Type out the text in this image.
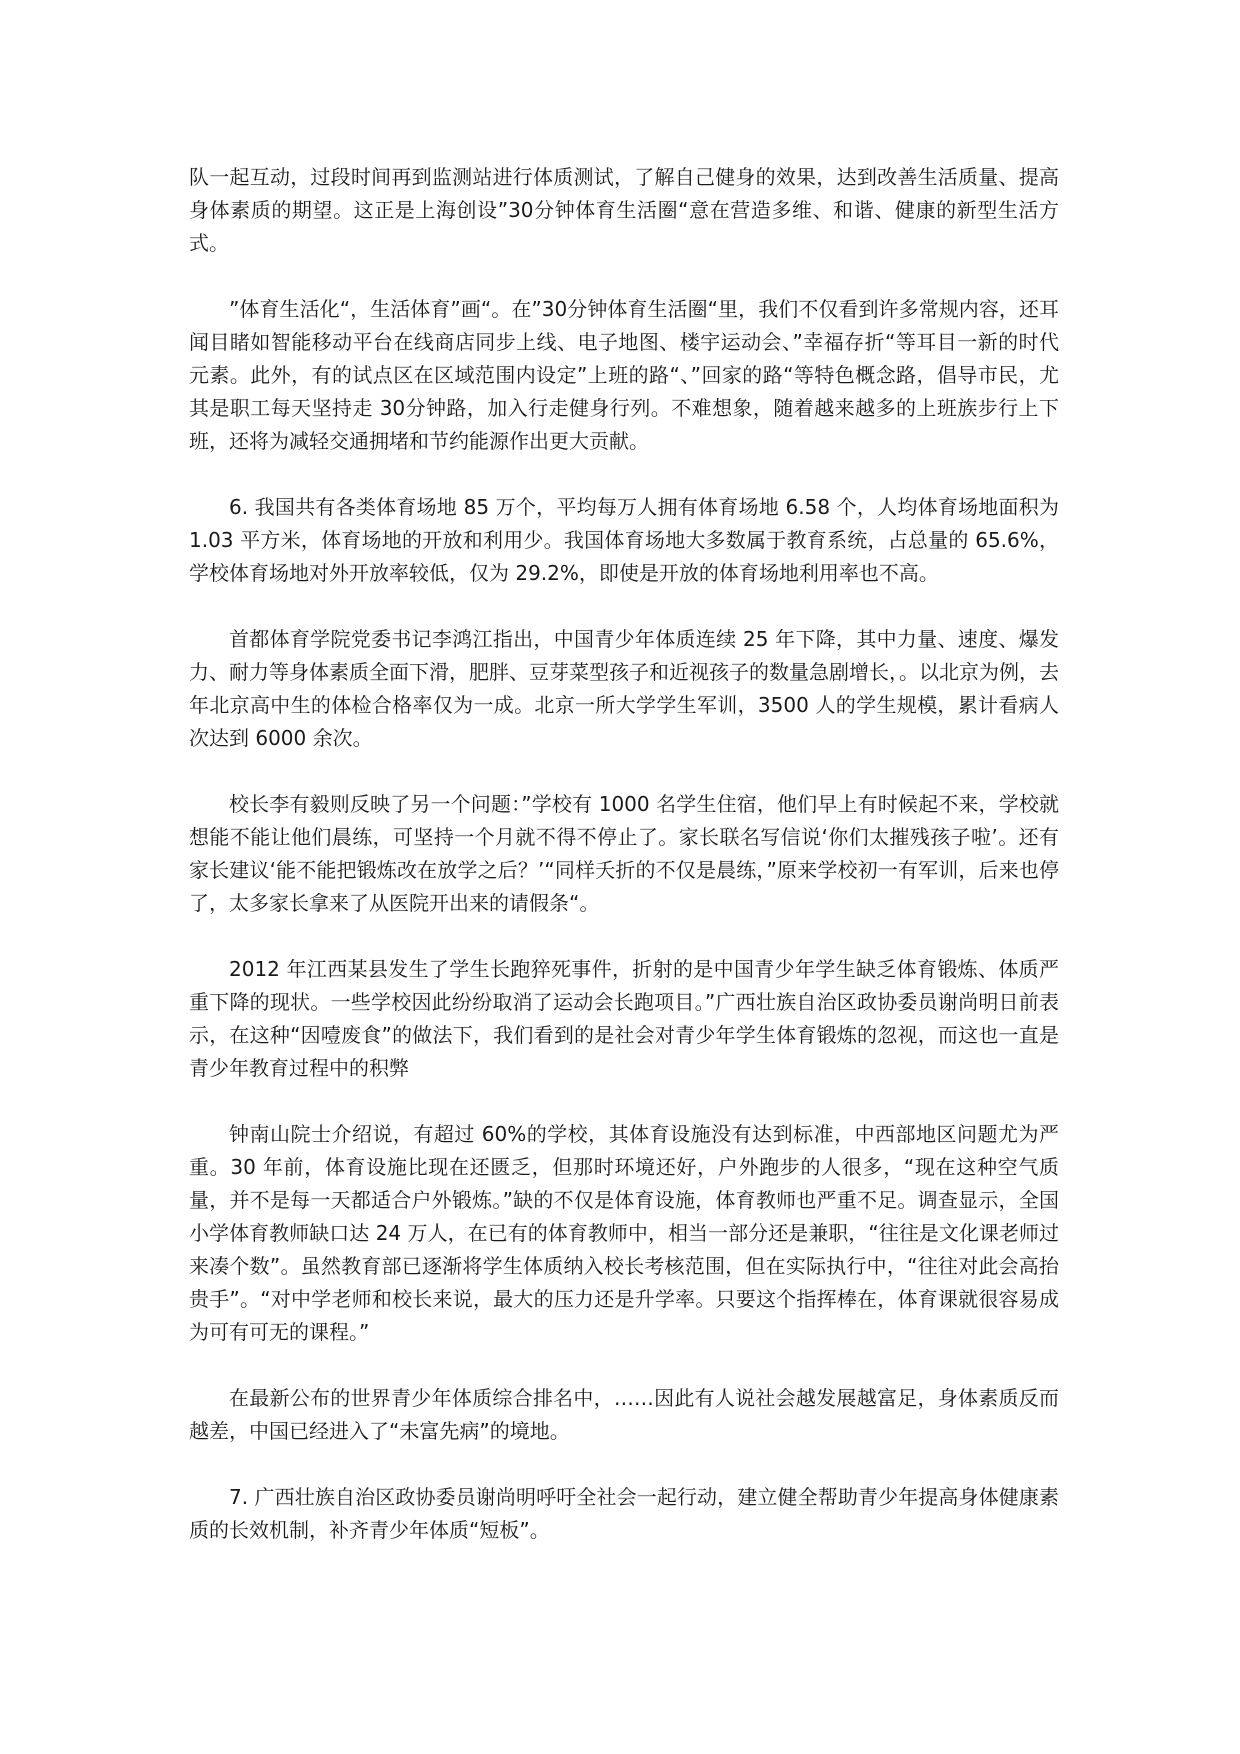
队一起互动，过段时间再到监测站进行体质测试，了解自己健身的效果，达到改善生活质量、提高身体素质的期望。这正是上海创设”30分钟体育生活圈“意在营造多维、和谐、健康的新型生活方式。

”体育生活化“，生活体育”画“。在”30分钟体育生活圈“里，我们不仅看到许多常规内容，还耳闻目睹如智能移动平台在线商店同步上线、电子地图、楼宇运动会、”幸福存折“等耳目一新的时代元素。此外，有的试点区在区域范围内设定”上班的路“、”回家的路“等特色概念路，倡导市民，尤其是职工每天坚持走 30分钟路，加入行走健身行列。不难想象，随着越来越多的上班族步行上下班，还将为减轻交通拥堵和节约能源作出更大贡献。

6. 我国共有各类体育场地 85 万个，平均每万人拥有体育场地 6.58 个，人均体育场地面积为 1.03 平方米，体育场地的开放和利用少。我国体育场地大多数属于教育系统，占总量的 65.6%，学校体育场地对外开放率较低，仅为 29.2%，即使是开放的体育场地利用率也不高。

首都体育学院党委书记李鸿江指出，中国青少年体质连续 25 年下降，其中力量、速度、爆发力、耐力等身体素质全面下滑，肥胖、豆芽菜型孩子和近视孩子的数量急剧增长，。以北京为例，去年北京高中生的体检合格率仅为一成。北京一所大学学生军训，3500 人的学生规模，累计看病人次达到 6000 余次。

校长李有毅则反映了另一个问题：”学校有 1000 名学生住宿，他们早上有时候起不来，学校就想能不能让他们晨练，可坚持一个月就不得不停止了。家长联名写信说‘你们太摧残孩子啦’。还有家长建议‘能不能把锻炼改在放学之后？’“同样夭折的不仅是晨练，”原来学校初一有军训，后来也停了，太多家长拿来了从医院开出来的请假条“。

2012 年江西某县发生了学生长跑猝死事件，折射的是中国青少年学生缺乏体育锻炼、体质严重下降的现状。一些学校因此纷纷取消了运动会长跑项目。”广西壮族自治区政协委员谢尚明日前表示，在这种“因噎废食”的做法下，我们看到的是社会对青少年学生体育锻炼的忽视，而这也一直是青少年教育过程中的积弊

钟南山院士介绍说，有超过 60%的学校，其体育设施没有达到标准，中西部地区问题尤为严重。30 年前，体育设施比现在还匮乏，但那时环境还好，户外跑步的人很多，“现在这种空气质量，并不是每一天都适合户外锻炼。”缺的不仅是体育设施，体育教师也严重不足。调查显示，全国小学体育教师缺口达 24 万人，在已有的体育教师中，相当一部分还是兼职，“往往是文化课老师过来凑个数”。虽然教育部已逐渐将学生体质纳入校长考核范围，但在实际执行中，“往往对此会高抬贵手”。“对中学老师和校长来说，最大的压力还是升学率。只要这个指挥棒在，体育课就很容易成为可有可无的课程。”

在最新公布的世界青少年体质综合排名中，……因此有人说社会越发展越富足，身体素质反而越差，中国已经进入了“未富先病”的境地。

7. 广西壮族自治区政协委员谢尚明呼吁全社会一起行动，建立健全帮助青少年提高身体健康素质的长效机制，补齐青少年体质“短板”。
